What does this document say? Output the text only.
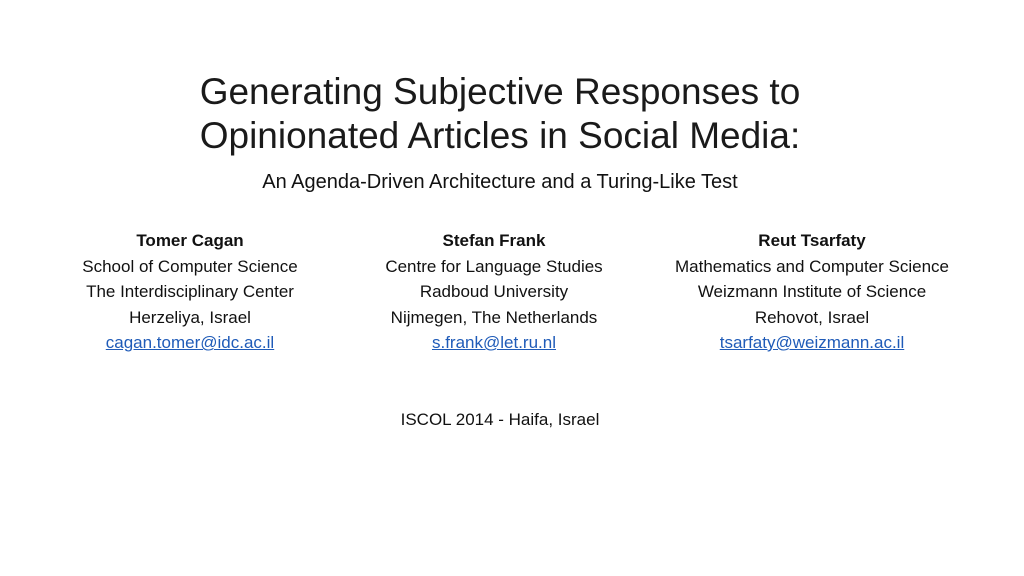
Generating Subjective Responses to
Opinionated Articles in Social Media:
An Agenda-Driven Architecture and a Turing-Like Test
Tomer Cagan
School of Computer Science
The Interdisciplinary Center
Herzeliya, Israel
cagan.tomer@idc.ac.il
Stefan Frank
Centre for Language Studies
Radboud University
Nijmegen, The Netherlands
s.frank@let.ru.nl
Reut Tsarfaty
Mathematics and Computer Science
Weizmann Institute of Science
Rehovot, Israel
tsarfaty@weizmann.ac.il
ISCOL 2014 - Haifa, Israel
